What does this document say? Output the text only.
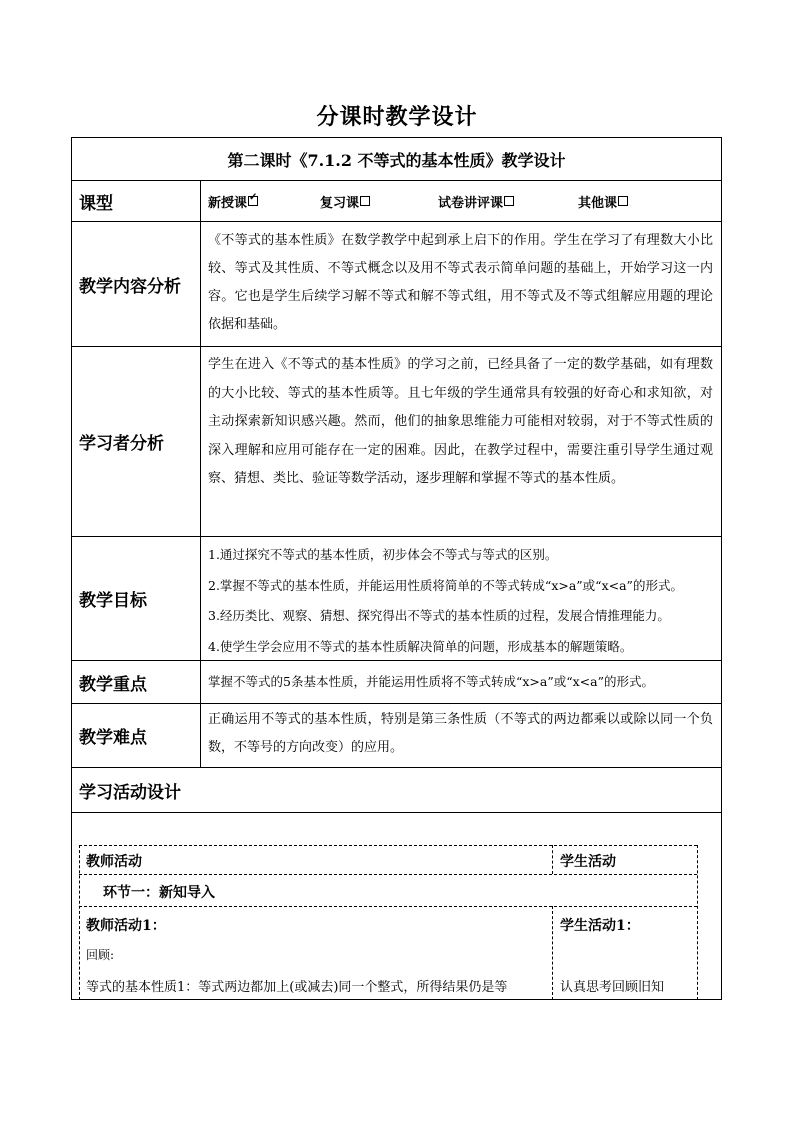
分课时教学设计
第二课时《7.1.2 不等式的基本性质》教学设计
课型	新授课
✓	复习课	试卷讲评课	其他课
教学内容分析
《不等式的基本性质》在数学教学中起到承上启下的作用。学生在学习了有理数大小比较、等式及其性质、不等式概念以及用不等式表示简单问题的基础上，开始学习这一内容。它也是学生后续学习解不等式和解不等式组，用不等式及不等式组解应用题的理论依据和基础。
学习者分析
学生在进入《不等式的基本性质》的学习之前，已经具备了一定的数学基础，如有理数的大小比较、等式的基本性质等。且七年级的学生通常具有较强的好奇心和求知欲，对主动探索新知识感兴趣。然而，他们的抽象思维能力可能相对较弱，对于不等式性质的深入理解和应用可能存在一定的困难。因此，在教学过程中，需要注重引导学生通过观察、猜想、类比、验证等数学活动，逐步理解和掌握不等式的基本性质。
教学目标
1.通过探究不等式的基本性质，初步体会不等式与等式的区别。
2.掌握不等式的基本性质，并能运用性质将简单的不等式转成“x>a”或“x<a”的形式。
3.经历类比、观察、猜想、探究得出不等式的基本性质的过程，发展合情推理能力。
4.使学生学会应用不等式的基本性质解决简单的问题，形成基本的解题策略。
教学重点	掌握不等式的5条基本性质，并能运用性质将不等式转成“x>a”或“x<a”的形式。
教学难点
正确运用不等式的基本性质，特别是第三条性质（不等式的两边都乘以或除以同一个负数，不等号的方向改变）的应用。
学习活动设计
教师活动	学生活动
环节一：新知导入
教师活动1：	学生活动1：
回顾:
等式的基本性质1：等式两边都加上(或减去)同一个整式，所得结果仍是等	认真思考回顾旧知
